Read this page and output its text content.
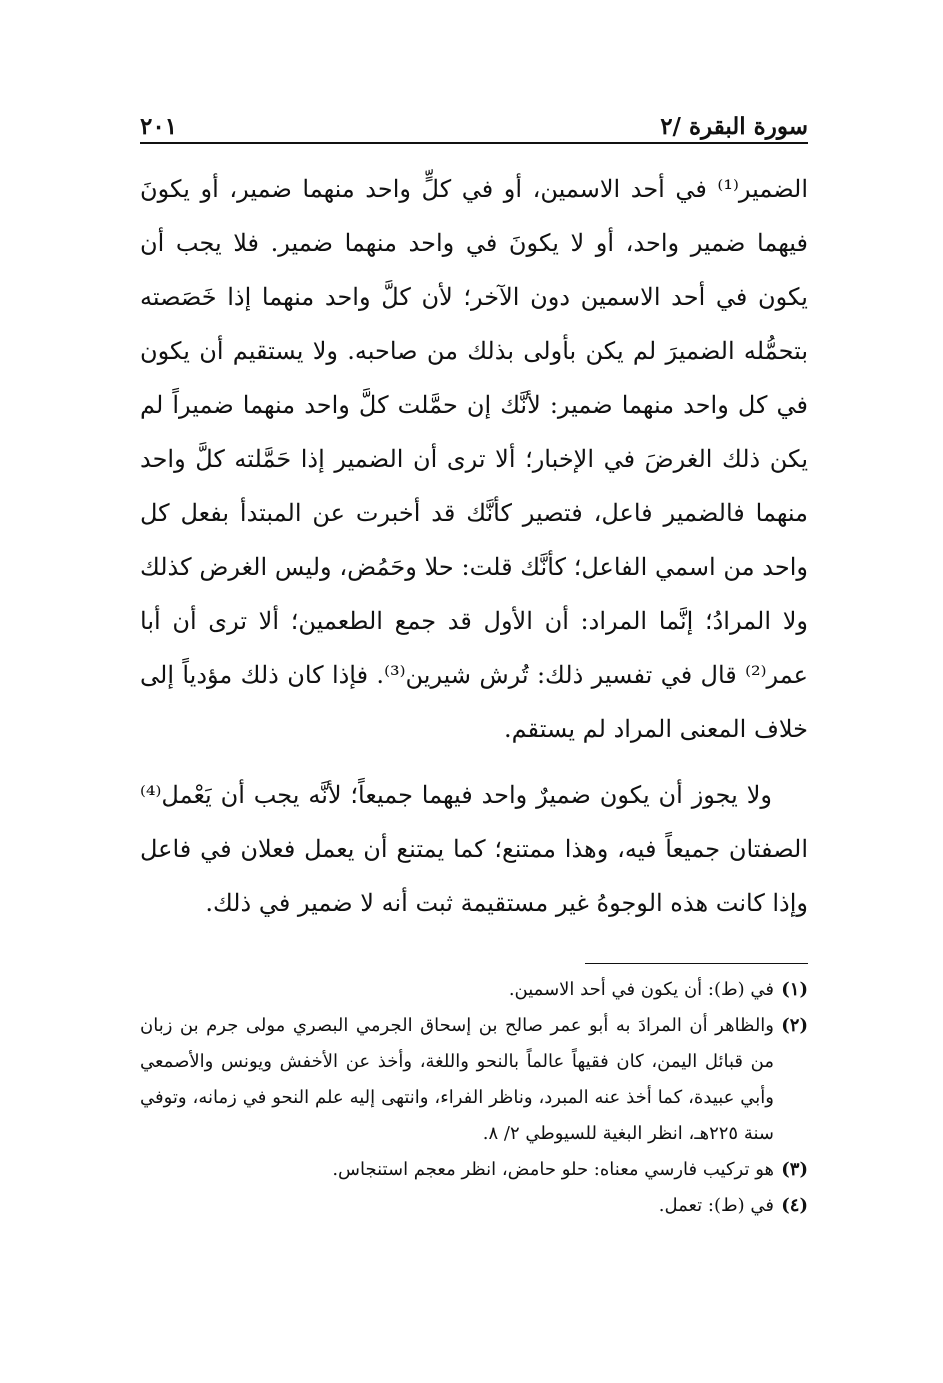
سورة البقرة /٢
٢٠١

الضمير⁽¹⁾ في أحد الاسمين، أو في كلٍّ واحد منهما ضمير، أو يكونَ فيهما ضمير واحد، أو لا يكونَ في واحد منهما ضمير. فلا يجب أن يكون في أحد الاسمين دون الآخر؛ لأن كلَّ واحد منهما إذا خَصَصته بتحمُّله الضميرَ لم يكن بأولى بذلك من صاحبه. ولا يستقيم أن يكون في كل واحد منهما ضمير: لأنَّك إن حمَّلت كلَّ واحد منهما ضميراً لم يكن ذلك الغرضَ في الإخبار؛ ألا ترى أن الضمير إذا حَمَّلته كلَّ واحد منهما فالضمير فاعل، فتصير كأنَّك قد أخبرت عن المبتدأ بفعل كل واحد من اسمي الفاعل؛ كأنَّك قلت: حلا وحَمُض، وليس الغرض كذلك ولا المرادُ؛ إنَّما المراد: أن الأول قد جمع الطعمين؛ ألا ترى أن أبا عمر⁽²⁾ قال في تفسير ذلك: تُرش شيرين⁽³⁾. فإذا كان ذلك مؤدياً إلى خلاف المعنى المراد لم يستقم.

ولا يجوز أن يكون ضميرٌ واحد فيهما جميعاً؛ لأنَّه يجب أن يَعْمل⁽⁴⁾ الصفتان جميعاً فيه، وهذا ممتنع؛ كما يمتنع أن يعمل فعلان في فاعل وإذا كانت هذه الوجوهُ غير مستقيمة ثبت أنه لا ضمير في ذلك.

(١)
في (ط): أن يكون في أحد الاسمين.
(٢)
والظاهر أن المرادَ به أبو عمر صالح بن إسحاق الجرمي البصري مولى جرم بن زبان من قبائل اليمن، كان فقيهاً عالماً بالنحو واللغة، وأخذ عن الأخفش ويونس والأصمعي وأبي عبيدة، كما أخذ عنه المبرد، وناظر الفراء، وانتهى إليه علم النحو في زمانه، وتوفي سنة ٢٢٥هـ، انظر البغية للسيوطي ٢/ ٨.
(٣)
هو تركيب فارسي معناه: حلو حامض، انظر معجم استنجاس.
(٤)
في (ط): تعمل.
